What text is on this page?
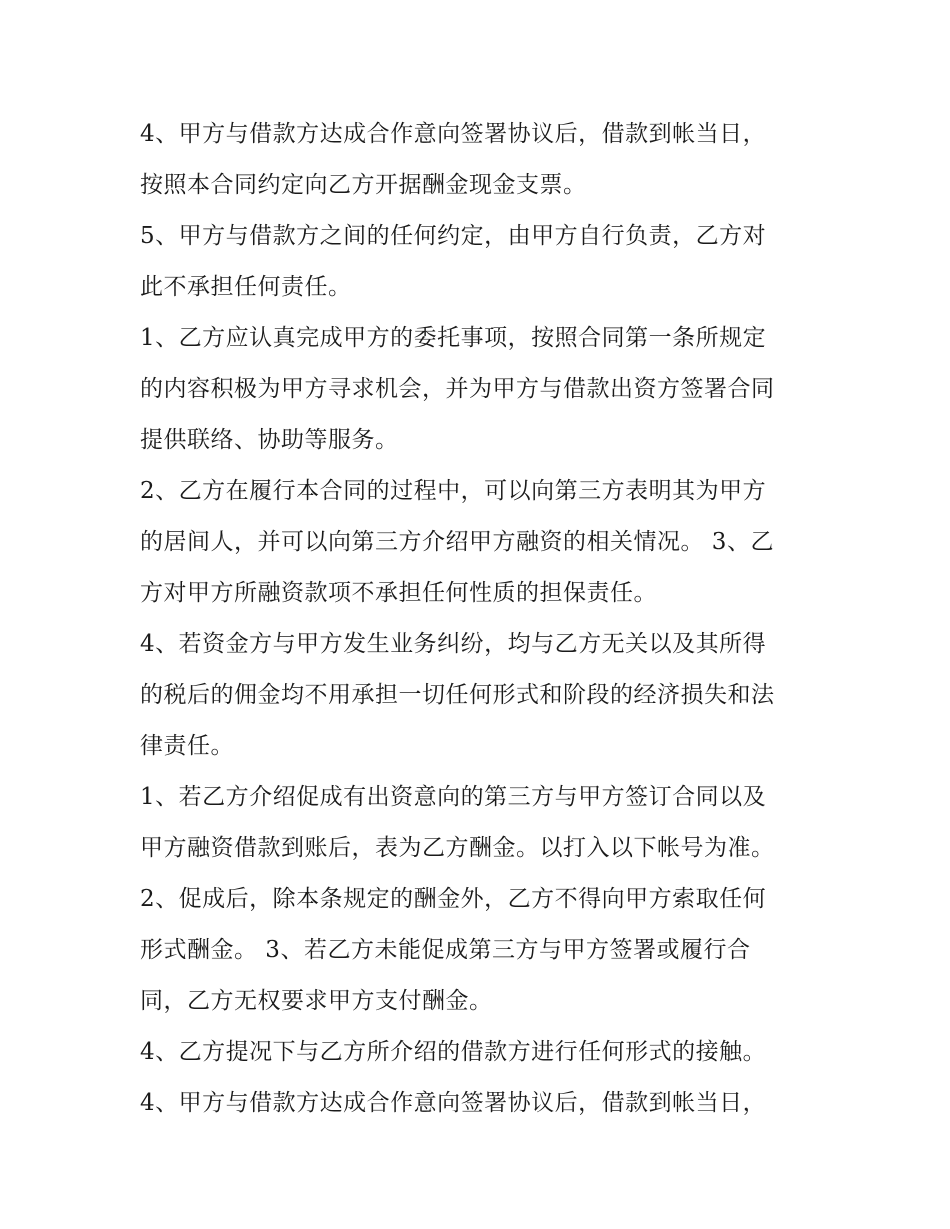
4、甲方与借款方达成合作意向签署协议后，借款到帐当日，
按照本合同约定向乙方开据酬金现金支票。
5、甲方与借款方之间的任何约定，由甲方自行负责，乙方对
此不承担任何责任。
1、乙方应认真完成甲方的委托事项，按照合同第一条所规定
的内容积极为甲方寻求机会，并为甲方与借款出资方签署合同
提供联络、协助等服务。
2、乙方在履行本合同的过程中，可以向第三方表明其为甲方
的居间人，并可以向第三方介绍甲方融资的相关情况。 3、乙
方对甲方所融资款项不承担任何性质的担保责任。
4、若资金方与甲方发生业务纠纷，均与乙方无关以及其所得
的税后的佣金均不用承担一切任何形式和阶段的经济损失和法
律责任。
1、若乙方介绍促成有出资意向的第三方与甲方签订合同以及
甲方融资借款到账后，表为乙方酬金。以打入以下帐号为准。
2、促成后，除本条规定的酬金外，乙方不得向甲方索取任何
形式酬金。 3、若乙方未能促成第三方与甲方签署或履行合
同，乙方无权要求甲方支付酬金。
4、乙方提况下与乙方所介绍的借款方进行任何形式的接触。
4、甲方与借款方达成合作意向签署协议后，借款到帐当日，
